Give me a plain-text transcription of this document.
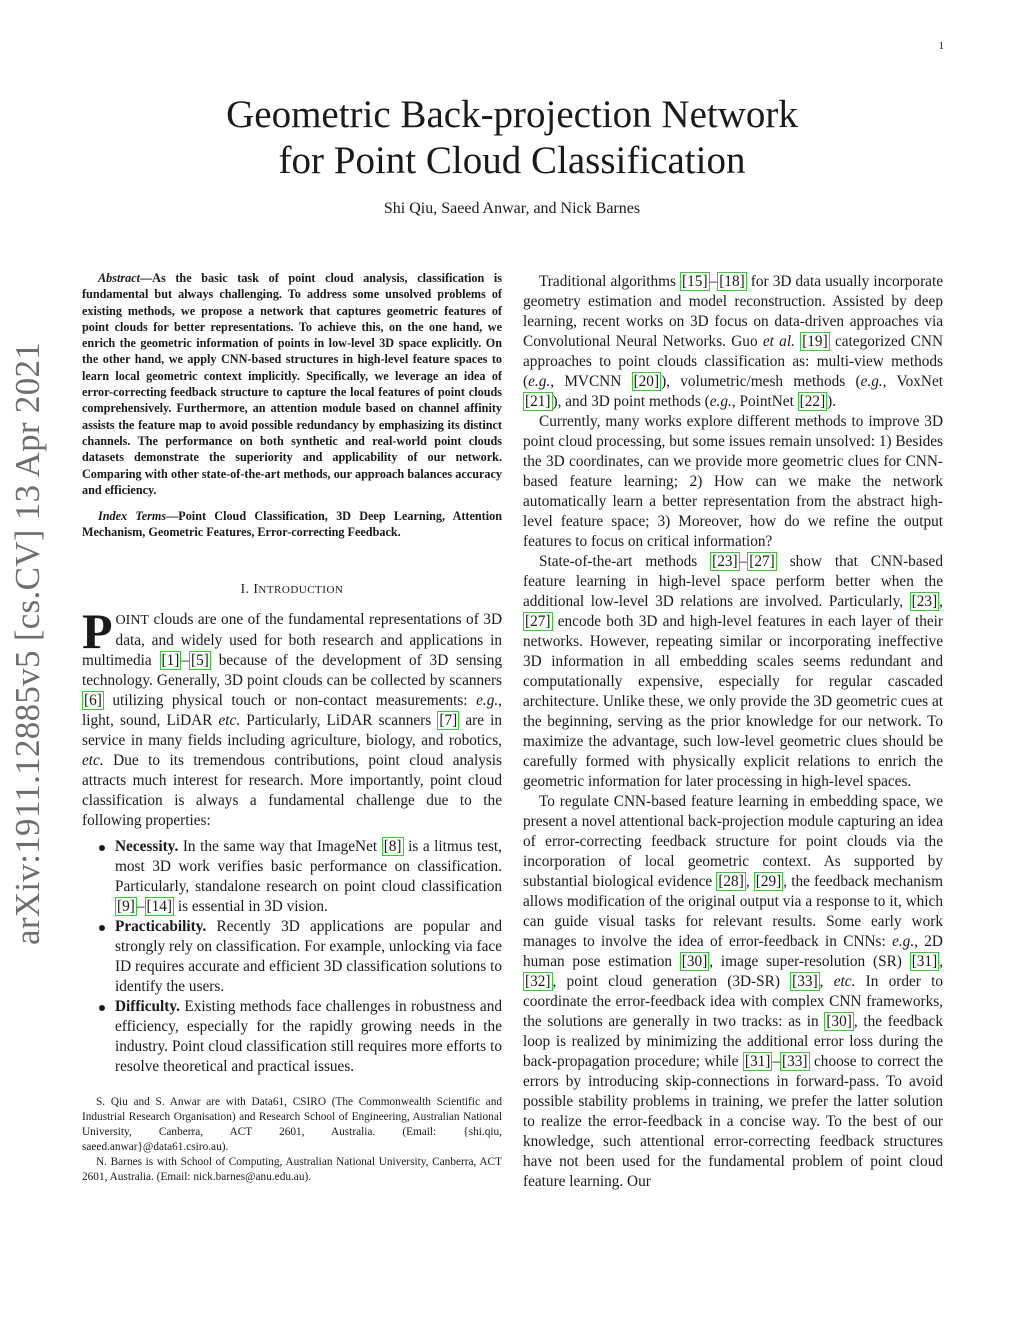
1
arXiv:1911.12885v5 [cs.CV] 13 Apr 2021
Geometric Back-projection Network
for Point Cloud Classification
Shi Qiu, Saeed Anwar, and Nick Barnes

Abstract—As the basic task of point cloud analysis, classification is fundamental but always challenging. To address some unsolved problems of existing methods, we propose a network that captures geometric features of point clouds for better representations. To achieve this, on the one hand, we enrich the geometric information of points in low-level 3D space explicitly. On the other hand, we apply CNN-based structures in high-level feature spaces to learn local geometric context implicitly. Specifically, we leverage an idea of error-correcting feedback structure to capture the local features of point clouds comprehensively. Furthermore, an attention module based on channel affinity assists the feature map to avoid possible redundancy by emphasizing its distinct channels. The performance on both synthetic and real-world point clouds datasets demonstrate the superiority and applicability of our network. Comparing with other state-of-the-art methods, our approach balances accuracy and efficiency.

Index Terms—Point Cloud Classification, 3D Deep Learning, Attention Mechanism, Geometric Features, Error-correcting Feedback.

I. INTRODUCTION

POINT clouds are one of the fundamental representations of 3D data, and widely used for both research and applications in multimedia [1] – [5] because of the development of 3D sensing technology. Generally, 3D point clouds can be collected by scanners [6] utilizing physical touch or non-contact measurements: e.g., light, sound, LiDAR etc. Particularly, LiDAR scanners [7] are in service in many fields including agriculture, biology, and robotics, etc. Due to its tremendous contributions, point cloud analysis attracts much interest for research. More importantly, point cloud classification is always a fundamental challenge due to the following properties:

Necessity. In the same way that ImageNet [8] is a litmus test, most 3D work verifies basic performance on classification. Particularly, standalone research on point cloud classification [9] – [14] is essential in 3D vision.
Practicability. Recently 3D applications are popular and strongly rely on classification. For example, unlocking via face ID requires accurate and efficient 3D classification solutions to identify the users.
Difficulty. Existing methods face challenges in robustness and efficiency, especially for the rapidly growing needs in the industry. Point cloud classification still requires more efforts to resolve theoretical and practical issues.

S. Qiu and S. Anwar are with Data61, CSIRO (The Commonwealth Scientific and Industrial Research Organisation) and Research School of Engineering, Australian National University, Canberra, ACT 2601, Australia. (Email: {shi.qiu, saeed.anwar}@data61.csiro.au).

N. Barnes is with School of Computing, Australian National University, Canberra, ACT 2601, Australia. (Email: nick.barnes@anu.edu.au).

Traditional algorithms [15] – [18] for 3D data usually incorporate geometry estimation and model reconstruction. Assisted by deep learning, recent works on 3D focus on data-driven approaches via Convolutional Neural Networks. Guo et al. [19] categorized CNN approaches to point clouds classification as: multi-view methods (e.g., MVCNN [20] ), volumetric/mesh methods (e.g., VoxNet [21] ), and 3D point methods (e.g., PointNet [22] ).

Currently, many works explore different methods to improve 3D point cloud processing, but some issues remain unsolved: 1) Besides the 3D coordinates, can we provide more geometric clues for CNN-based feature learning; 2) How can we make the network automatically learn a better representation from the abstract high-level feature space; 3) Moreover, how do we refine the output features to focus on critical information?

State-of-the-art methods [23] – [27] show that CNN-based feature learning in high-level space perform better when the additional low-level 3D relations are involved. Particularly, [23] , [27] encode both 3D and high-level features in each layer of their networks. However, repeating similar or incorporating ineffective 3D information in all embedding scales seems redundant and computationally expensive, especially for regular cascaded architecture. Unlike these, we only provide the 3D geometric cues at the beginning, serving as the prior knowledge for our network. To maximize the advantage, such low-level geometric clues should be carefully formed with physically explicit relations to enrich the geometric information for later processing in high-level spaces.

To regulate CNN-based feature learning in embedding space, we present a novel attentional back-projection module capturing an idea of error-correcting feedback structure for point clouds via the incorporation of local geometric context. As supported by substantial biological evidence [28] , [29] , the feedback mechanism allows modification of the original output via a response to it, which can guide visual tasks for relevant results. Some early work manages to involve the idea of error-feedback in CNNs: e.g., 2D human pose estimation [30] , image super-resolution (SR) [31] , [32] , point cloud generation (3D-SR) [33] , etc. In order to coordinate the error-feedback idea with complex CNN frameworks, the solutions are generally in two tracks: as in [30] , the feedback loop is realized by minimizing the additional error loss during the back-propagation procedure; while [31] – [33] choose to correct the errors by introducing skip-connections in forward-pass. To avoid possible stability problems in training, we prefer the latter solution to realize the error-feedback in a concise way. To the best of our knowledge, such attentional error-correcting feedback structures have not been used for the fundamental problem of point cloud feature learning. Our
